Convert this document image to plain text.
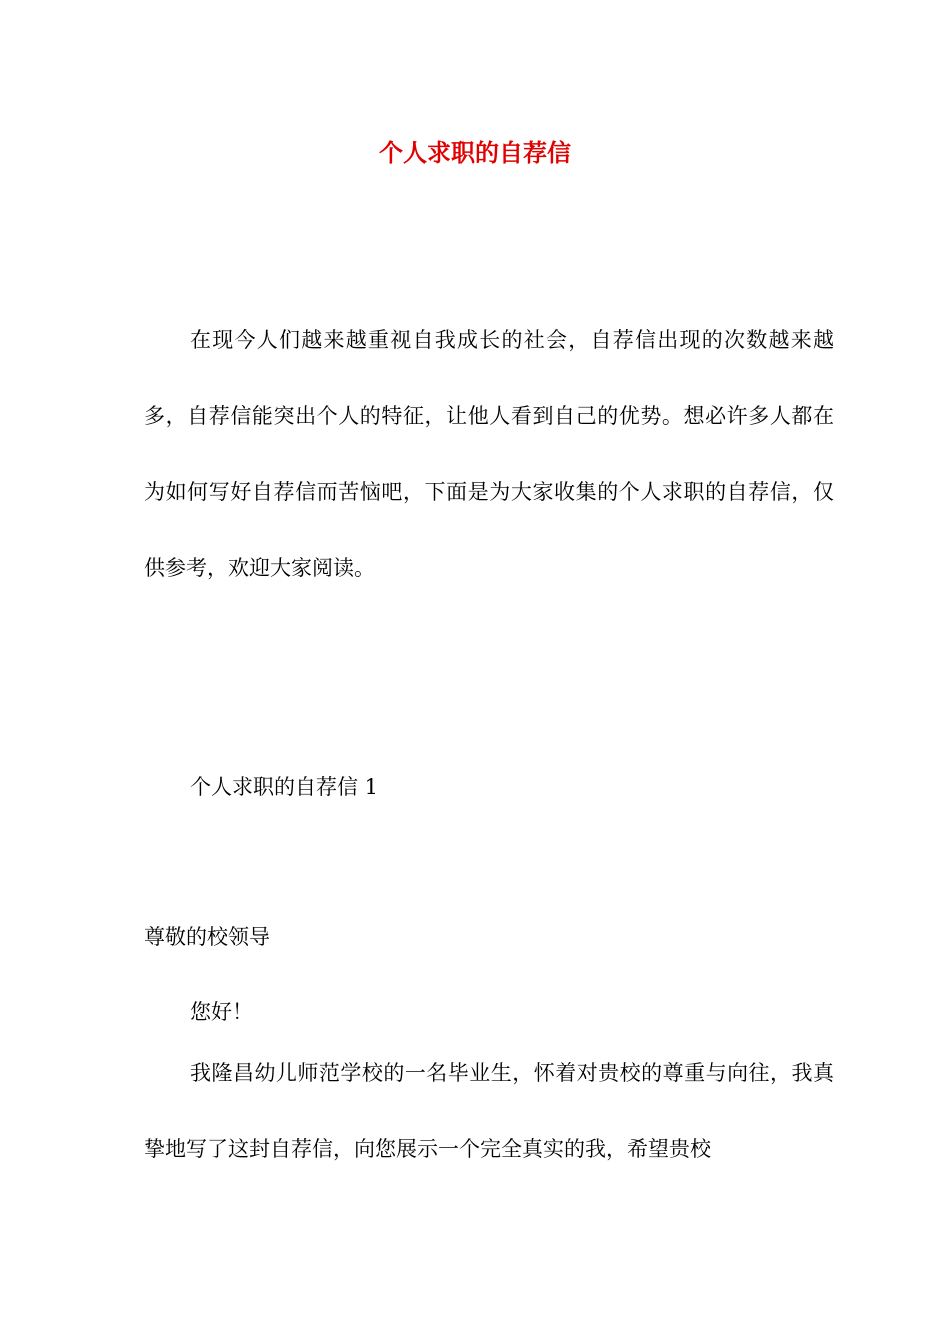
个人求职的自荐信

在现今人们越来越重视自我成长的社会，自荐信出现的次数越来越多，自荐信能突出个人的特征，让他人看到自己的优势。想必许多人都在为如何写好自荐信而苦恼吧，下面是为大家收集的个人求职的自荐信，仅供参考，欢迎大家阅读。

个人求职的自荐信 1
尊敬的校领导
您好！

我隆昌幼儿师范学校的一名毕业生，怀着对贵校的尊重与向往，我真挚地写了这封自荐信，向您展示一个完全真实的我，希望贵校
